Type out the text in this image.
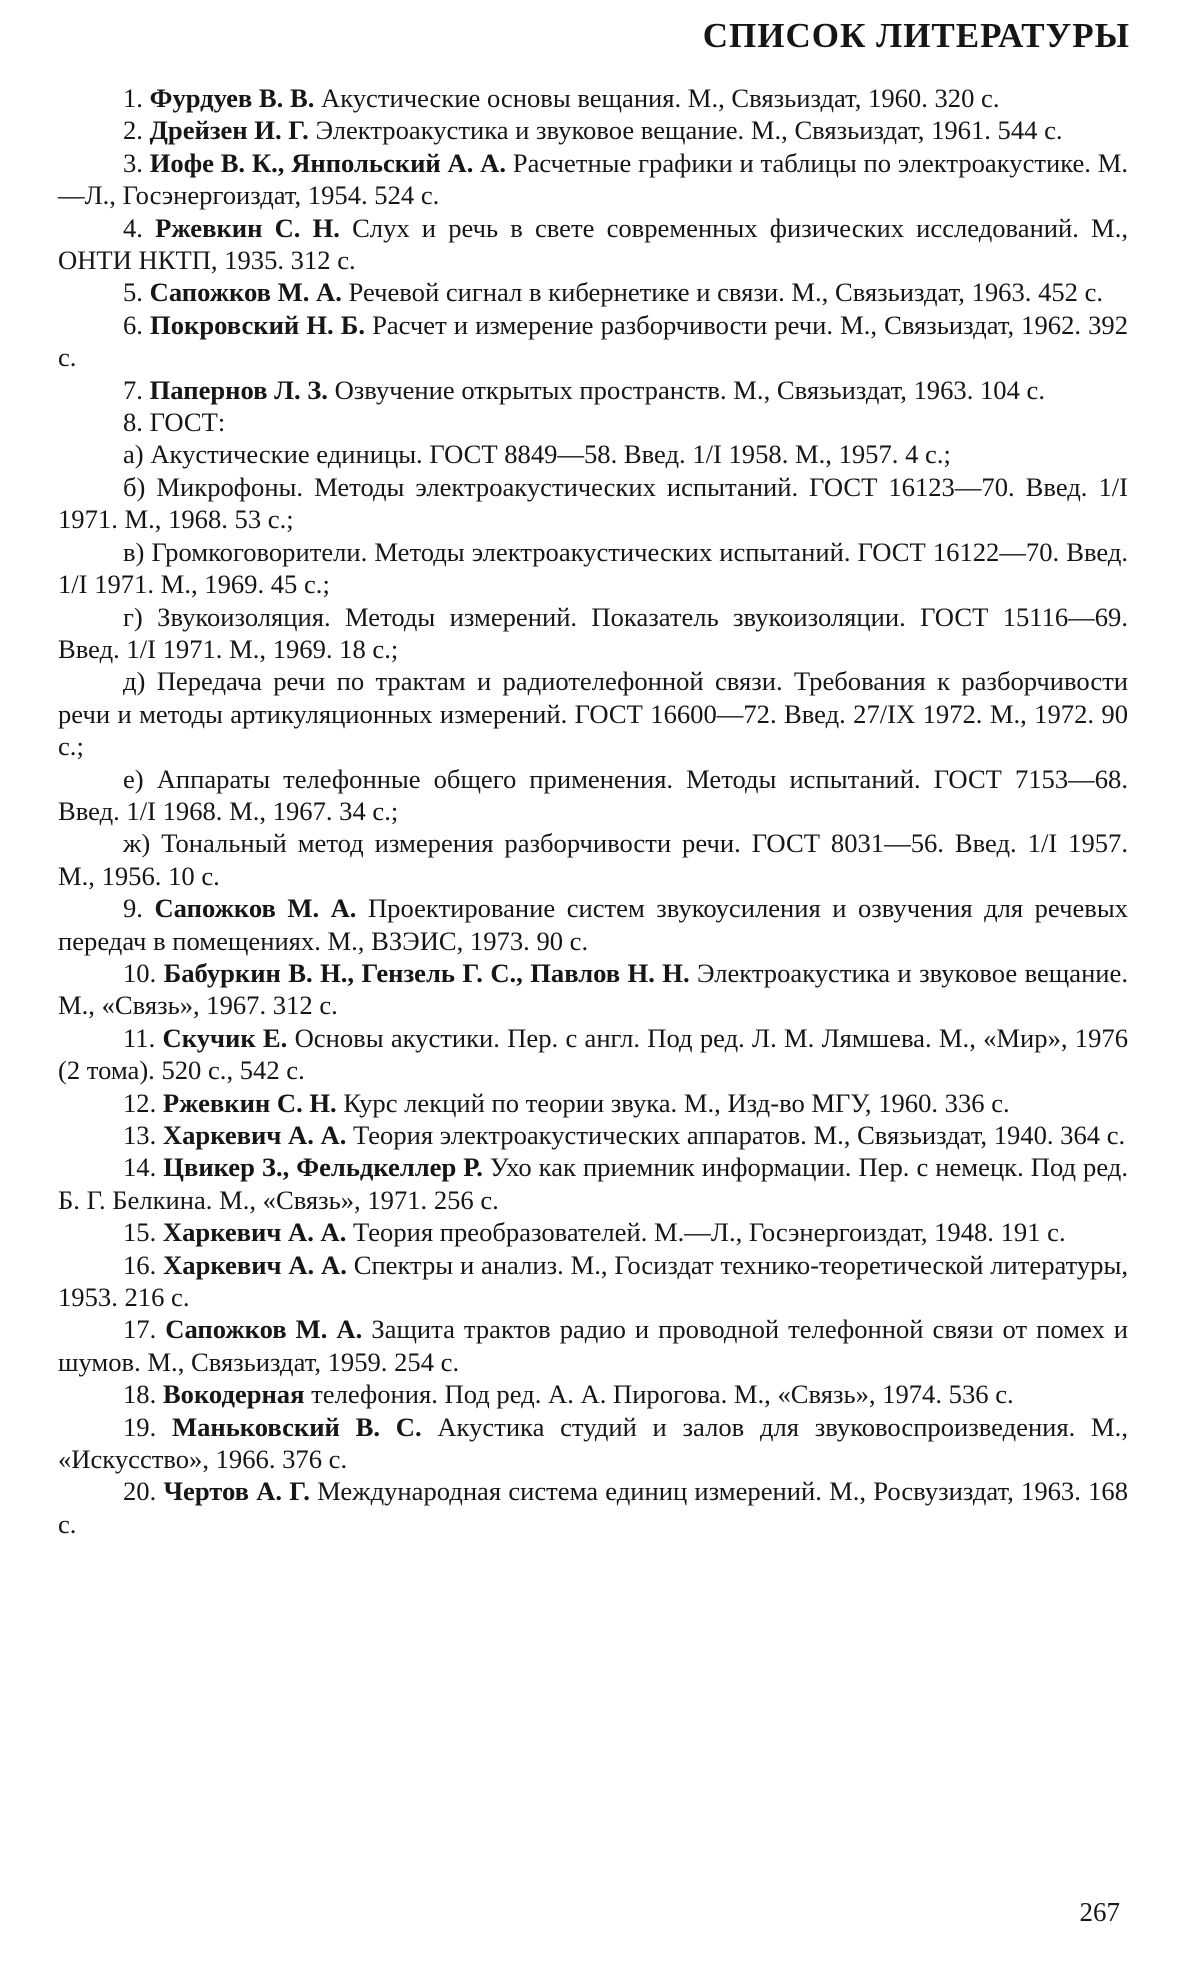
СПИСОК ЛИТЕРАТУРЫ

1. Фурдуев В. В. Акустические основы вещания. М., Связьиздат, 1960. 320 с.

2. Дрейзен И. Г. Электроакустика и звуковое вещание. М., Связьиздат, 1961. 544 с.

3. Иофе В. К., Янпольский А. А. Расчетные графики и таблицы по электроакустике. М.—Л., Госэнергоиздат, 1954. 524 с.

4. Ржевкин С. Н. Слух и речь в свете современных физических исследований. М., ОНТИ НКТП, 1935. 312 с.

5. Сапожков М. А. Речевой сигнал в кибернетике и связи. М., Связьиздат, 1963. 452 с.

6. Покровский Н. Б. Расчет и измерение разборчивости речи. М., Связьиздат, 1962. 392 с.

7. Папернов Л. З. Озвучение открытых пространств. М., Связьиздат, 1963. 104 с.

8. ГОСТ:

а) Акустические единицы. ГОСТ 8849—58. Введ. 1/I 1958. М., 1957. 4 с.;

б) Микрофоны. Методы электроакустических испытаний. ГОСТ 16123—70. Введ. 1/I 1971. М., 1968. 53 с.;

в) Громкоговорители. Методы электроакустических испытаний. ГОСТ 16122—70. Введ. 1/I 1971. М., 1969. 45 с.;

г) Звукоизоляция. Методы измерений. Показатель звукоизоляции. ГОСТ 15116—69. Введ. 1/I 1971. М., 1969. 18 с.;

д) Передача речи по трактам и радиотелефонной связи. Требования к разборчивости речи и методы артикуляционных измерений. ГОСТ 16600—72. Введ. 27/IX 1972. М., 1972. 90 с.;

е) Аппараты телефонные общего применения. Методы испытаний. ГОСТ 7153—68. Введ. 1/I 1968. М., 1967. 34 с.;

ж) Тональный метод измерения разборчивости речи. ГОСТ 8031—56. Введ. 1/I 1957. М., 1956. 10 с.

9. Сапожков М. А. Проектирование систем звукоусиления и озвучения для речевых передач в помещениях. М., ВЗЭИС, 1973. 90 с.

10. Бабуркин В. Н., Гензель Г. С., Павлов Н. Н. Электроакустика и звуковое вещание. М., «Связь», 1967. 312 с.

11. Скучик Е. Основы акустики. Пер. с англ. Под ред. Л. М. Лямшева. М., «Мир», 1976 (2 тома). 520 с., 542 с.

12. Ржевкин С. Н. Курс лекций по теории звука. М., Изд-во МГУ, 1960. 336 с.

13. Харкевич А. А. Теория электроакустических аппаратов. М., Связьиздат, 1940. 364 с.

14. Цвикер З., Фельдкеллер Р. Ухо как приемник информации. Пер. с немецк. Под ред. Б. Г. Белкина. М., «Связь», 1971. 256 с.

15. Харкевич А. А. Теория преобразователей. М.—Л., Госэнергоиздат, 1948. 191 с.

16. Харкевич А. А. Спектры и анализ. М., Госиздат технико-теоретической литературы, 1953. 216 с.

17. Сапожков М. А. Защита трактов радио и проводной телефонной связи от помех и шумов. М., Связьиздат, 1959. 254 с.

18. Вокодерная телефония. Под ред. А. А. Пирогова. М., «Связь», 1974. 536 с.

19. Маньковский В. С. Акустика студий и залов для звуковоспроизведения. М., «Искусство», 1966. 376 с.

20. Чертов А. Г. Международная система единиц измерений. М., Росвузиздат, 1963. 168 с.

267
